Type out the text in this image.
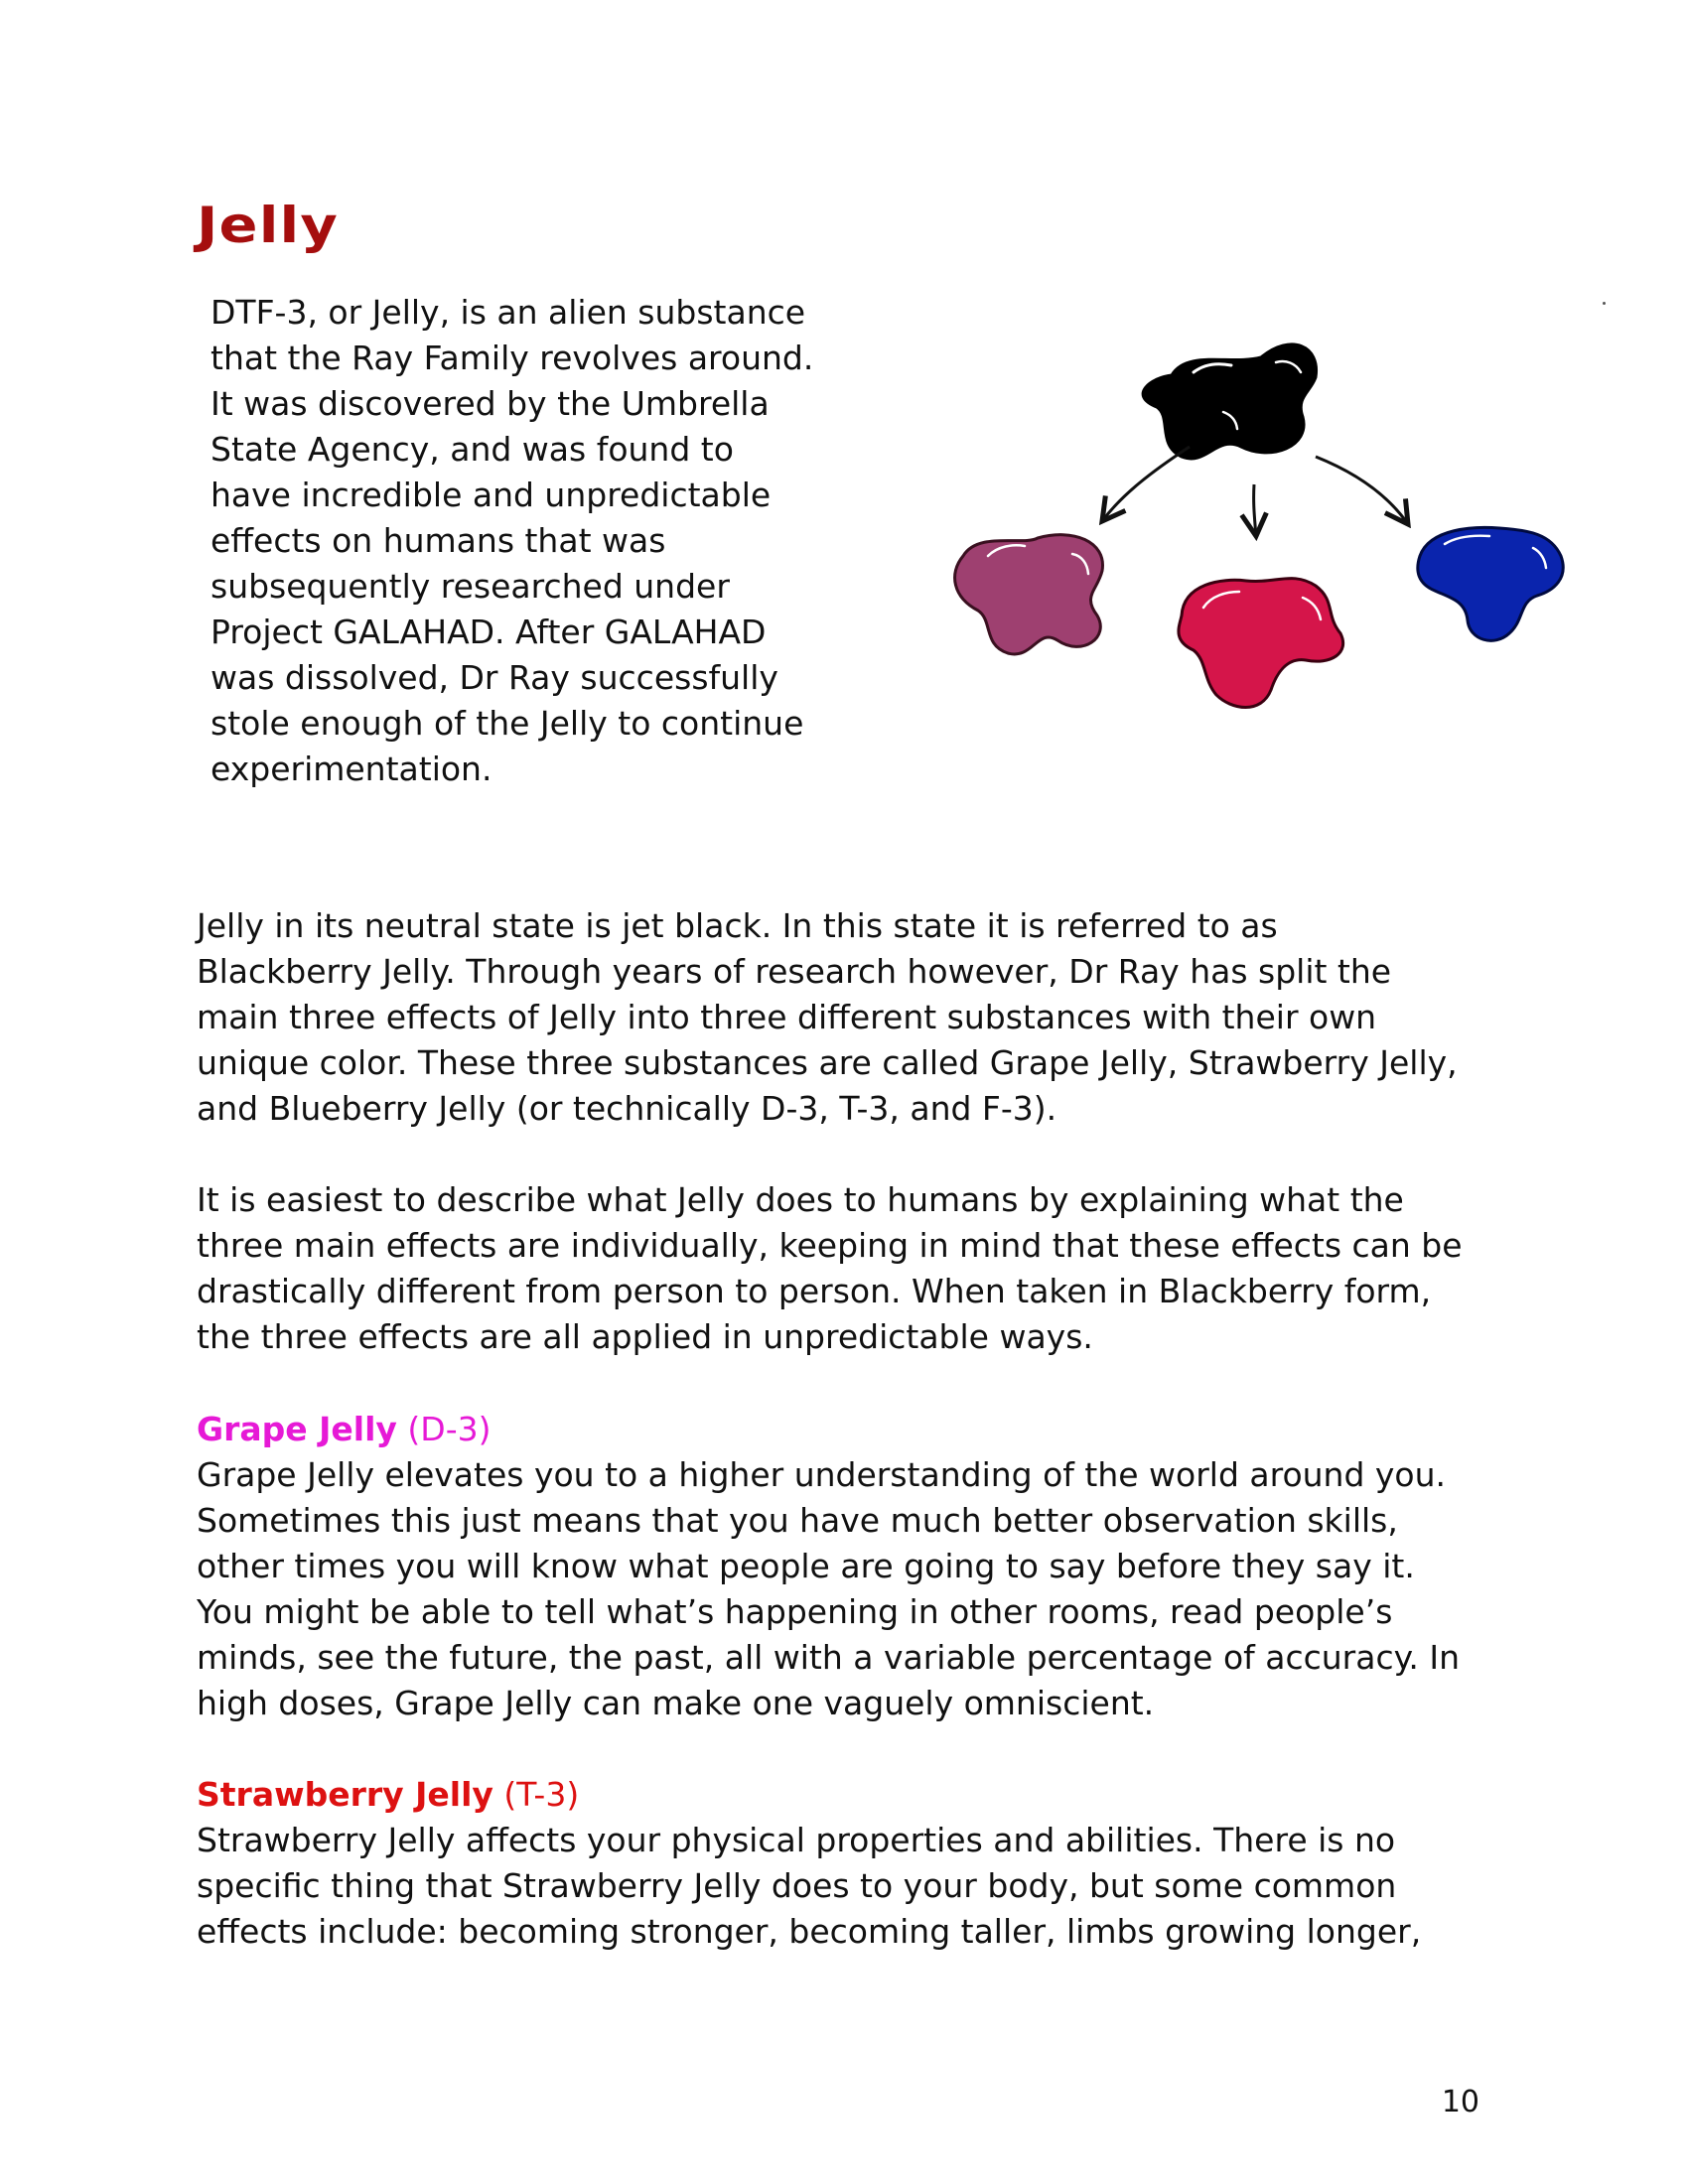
Jelly

DTF-3, or Jelly, is an alien substance
that the Ray Family revolves around.
It was discovered by the Umbrella
State Agency, and was found to
have incredible and unpredictable
effects on humans that was
subsequently researched under
Project GALAHAD. After GALAHAD
was dissolved, Dr Ray successfully
stole enough of the Jelly to continue
experimentation.

Jelly in its neutral state is jet black. In this state it is referred to as
Blackberry Jelly. Through years of research however, Dr Ray has split the
main three effects of Jelly into three different substances with their own
unique color. These three substances are called Grape Jelly, Strawberry Jelly,
and Blueberry Jelly (or technically D-3, T-3, and F-3).

It is easiest to describe what Jelly does to humans by explaining what the
three main effects are individually, keeping in mind that these effects can be
drastically different from person to person. When taken in Blackberry form,
the three effects are all applied in unpredictable ways.

Grape Jelly (D-3)
Grape Jelly elevates you to a higher understanding of the world around you.
Sometimes this just means that you have much better observation skills,
other times you will know what people are going to say before they say it.
You might be able to tell what’s happening in other rooms, read people’s
minds, see the future, the past, all with a variable percentage of accuracy. In
high doses, Grape Jelly can make one vaguely omniscient.
Strawberry Jelly (T-3)
Strawberry Jelly affects your physical properties and abilities. There is no
specific thing that Strawberry Jelly does to your body, but some common
effects include: becoming stronger, becoming taller, limbs growing longer,
10
